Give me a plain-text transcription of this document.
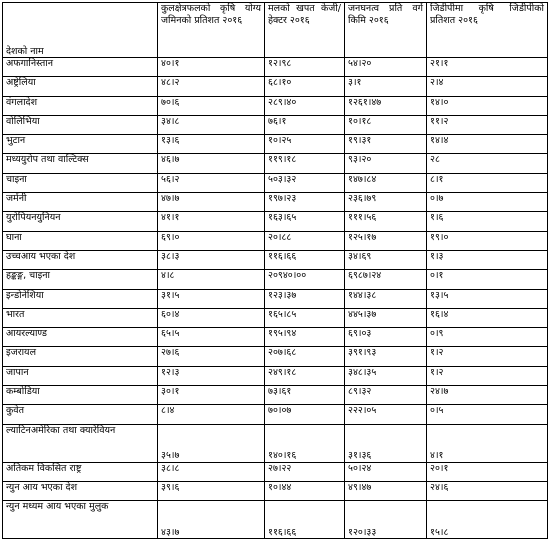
देशको नाम	कुलक्षेत्रफलको कृषि योग्य जमिनको प्रतिशत २०१६	मलको खपत केजी/ हेक्टर २०१६	जनघनत्व प्रति वर्ग किमि २०१६	जिडीपीमा कृषि जिडीपीको प्रतिशत २०१६

अफगानिस्तान	४०।१	१२।९८	५४।२०	२१।१
अष्ट्रेलिया	४८।२	६८।१०	३।१	२।४
वंगलादेश	७०।६	२८९।४०	१२६१।४७	१४।०
वोलिभिया	३४।८	७६।१	१०।१८	११।२
भुटान	१३।६	१०।२५	१९।३१	१४।४
मध्ययुरोप तथा वाल्टिक्स	४६।७	११९।१८	९३।२०	२८
चाइना	५६।२	५०३।३२	१४७।८४	८।१
जर्मनी	४७।७	१९७।२३	२३६।७९	०।७
युरोपियनयुनियन	४१।१	१६३।६५	१११।५६	१।६
घाना	६९।०	२०।८८	१२५।१७	१९।०
उच्चआय भएका देश	३८।३	११६।६६	३४।६९	१।३
हङ्कङ्ग, चाइना	४।८	२०९४०।००	६९८७।२४	०।१
इन्डोनेशिया	३१।५	१२३।३७	१४४।३८	१३।५
भारत	६०।४	१६५।८५	४४५।३७	१६।४
आयरल्याण्ड	६५।५	१९५।९४	६९।०३	०।९
इजरायल	२७।६	२०७।६८	३९१।९३	१।२
जापान	१२।३	२४९।१८	३४८।३५	१।२
कम्बोडिया	३०।१	७३।६१	८९।३२	२४।७
कुवेत	८।४	७०।०७	२२२।०५	०।५
ल्याटिनअमेरिका तथा क्यारेवियन	३५।७	१४०।१६	३१।३६	४।१
अतिकम विकसित राष्ट्र	३८।८	२७।२२	५०।२४	२०।१
न्युन आय भएका देश	३९।६	१०।४४	४९।४७	२४।६
न्युन मध्यम आय भएका मुलुक	४३।७	११६।६६	१२०।३३	१५।८
